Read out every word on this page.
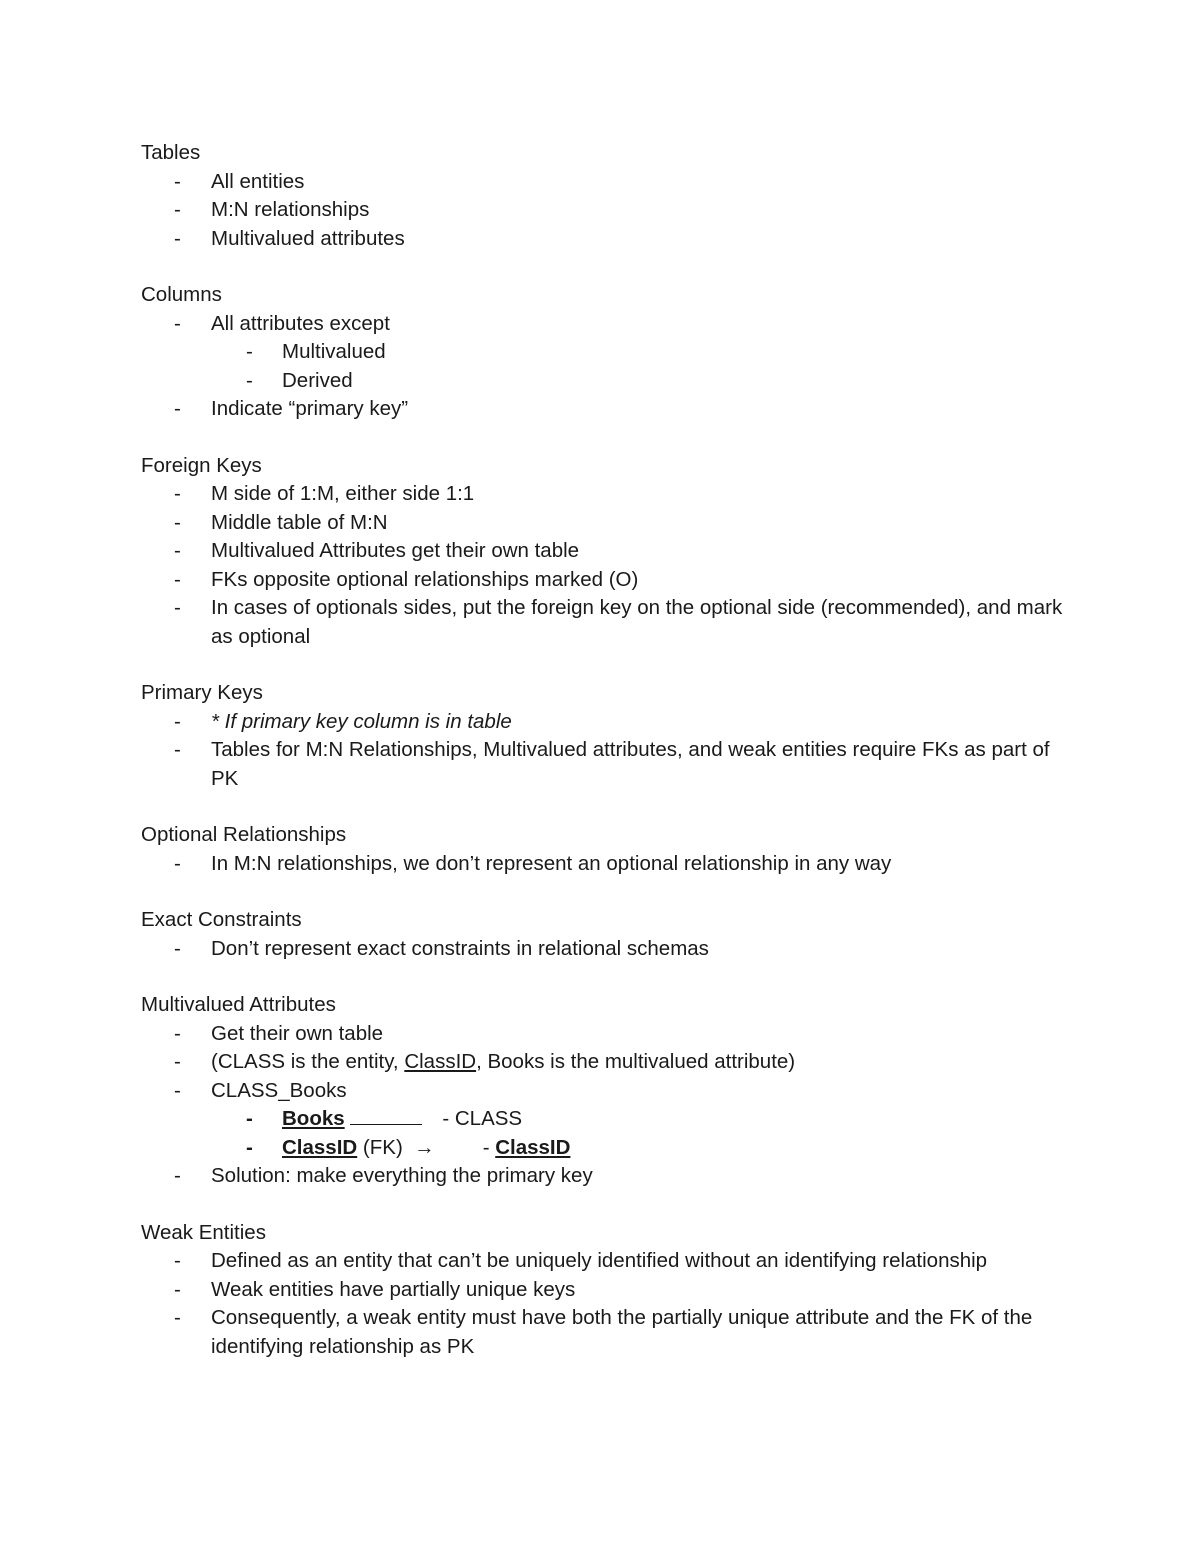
Tables
- All entities
- M:N relationships
- Multivalued attributes
Columns
- All attributes except
- Multivalued
- Derived
- Indicate “primary key”
Foreign Keys
- M side of 1:M, either side 1:1
- Middle table of M:N
- Multivalued Attributes get their own table
- FKs opposite optional relationships marked (O)
- In cases of optionals sides, put the foreign key on the optional side (recommended), and mark as optional
Primary Keys
- * If primary key column is in table
- Tables for M:N Relationships, Multivalued attributes, and weak entities require FKs as part of PK
Optional Relationships
- In M:N relationships, we don’t represent an optional relationship in any way
Exact Constraints
- Don’t represent exact constraints in relational schemas
Multivalued Attributes
- Get their own table
- (CLASS is the entity, ClassID, Books is the multivalued attribute)
- CLASS_Books
- Books	- CLASS
- ClassID (FK) → - ClassID
- Solution: make everything the primary key
Weak Entities
- Defined as an entity that can’t be uniquely identified without an identifying relationship
- Weak entities have partially unique keys
- Consequently, a weak entity must have both the partially unique attribute and the FK of the identifying relationship as PK
